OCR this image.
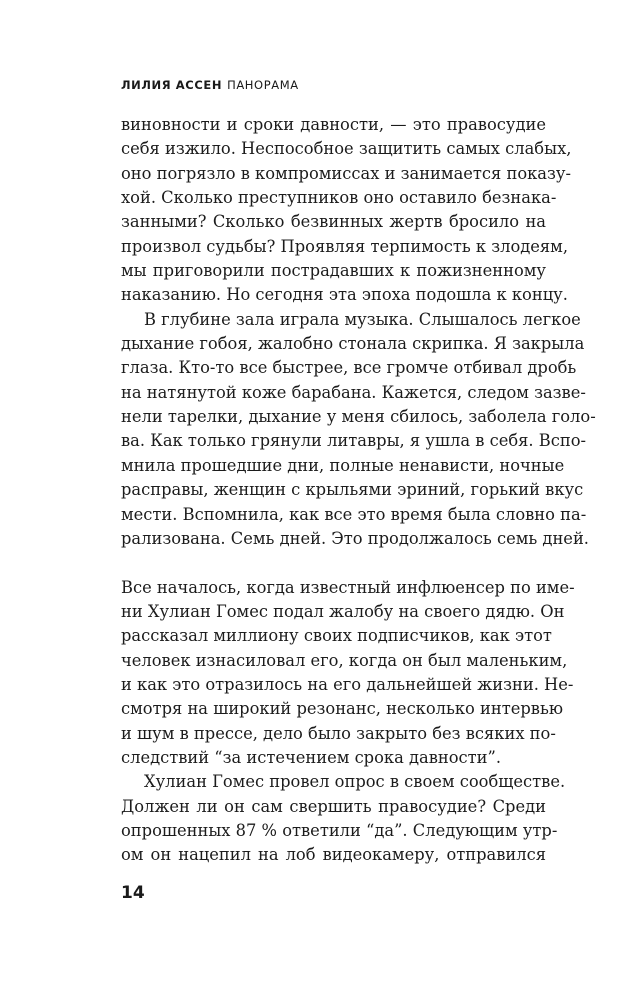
ЛИЛИЯ АССЕН ПАНОРАМА
виновности и сроки давности, — это правосудие
себя изжило. Неспособное защитить самых слабых,
оно погрязло в компромиссах и занимается показу-
хой. Сколько преступников оно оставило безнака-
занными? Сколько безвинных жертв бросило на
произвол судьбы? Проявляя терпимость к злодеям,
мы приговорили пострадавших к пожизненному
наказанию. Но сегодня эта эпоха подошла к концу.
В глубине зала играла музыка. Слышалось легкое
дыхание гобоя, жалобно стонала скрипка. Я закрыла
глаза. Кто-то все быстрее, все громче отбивал дробь
на натянутой коже барабана. Кажется, следом зазве-
нели тарелки, дыхание у меня сбилось, заболела голо-
ва. Как только грянули литавры, я ушла в себя. Вспо-
мнила прошедшие дни, полные ненависти, ночные
расправы, женщин с крыльями эриний, горький вкус
мести. Вспомнила, как все это время была словно па-
рализована. Семь дней. Это продолжалось семь дней.
Все началось, когда известный инфлюенсер по име-
ни Хулиан Гомес подал жалобу на своего дядю. Он
рассказал миллиону своих подписчиков, как этот
человек изнасиловал его, когда он был маленьким,
и как это отразилось на его дальнейшей жизни. Не-
смотря на широкий резонанс, несколько интервью
и шум в прессе, дело было закрыто без всяких по-
следствий “за истечением срока давности”.
Хулиан Гомес провел опрос в своем сообществе.
Должен ли он сам свершить правосудие? Среди
опрошенных 87 % ответили “да”. Следующим утр-
ом он нацепил на лоб видеокамеру, отправился
14
